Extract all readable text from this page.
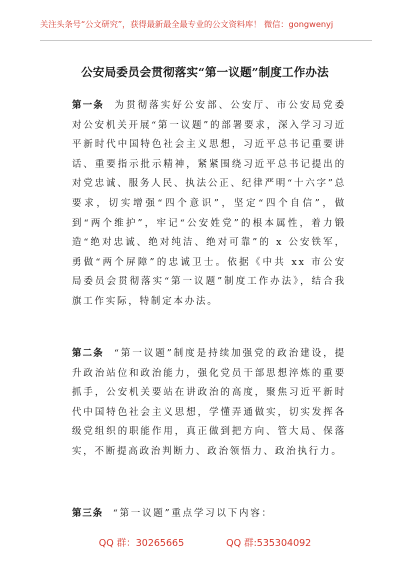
关注头条号“公文研究”，获得最新最全最专业的公文资料库！ 微信：gongwenyj
公安局委员会贯彻落实“第一议题”制度工作办法

第一条 为贯彻落实好公安部、公安厅、市公安局党委对公安机关开展“第一议题”的部署要求，深入学习习近平新时代中国特色社会主义思想，习近平总书记重要讲话、重要指示批示精神，紧紧围绕习近平总书记提出的对党忠诚、服务人民、执法公正、纪律严明“十六字”总要求，切实增强“四个意识”，坚定“四个自信”，做到“两个维护”，牢记“公安姓党”的根本属性，着力锻造“绝对忠诚、绝对纯洁、绝对可靠”的 x 公安铁军，勇做“两个屏障”的忠诚卫士。依据《中共 xx 市公安局委员会贯彻落实“第一议题”制度工作办法》，结合我旗工作实际，特制定本办法。

第二条 “第一议题”制度是持续加强党的政治建设，提升政治站位和政治能力，强化党员干部思想淬炼的重要抓手，公安机关要站在讲政治的高度，聚焦习近平新时代中国特色社会主义思想，学懂弄通做实，切实发挥各级党组织的职能作用，真正做到把方向、管大局、保落实，不断提高政治判断力、政治领悟力、政治执行力。

第三条 “第一议题”重点学习以下内容：

QQ 群：30265665	QQ 群:535304092
